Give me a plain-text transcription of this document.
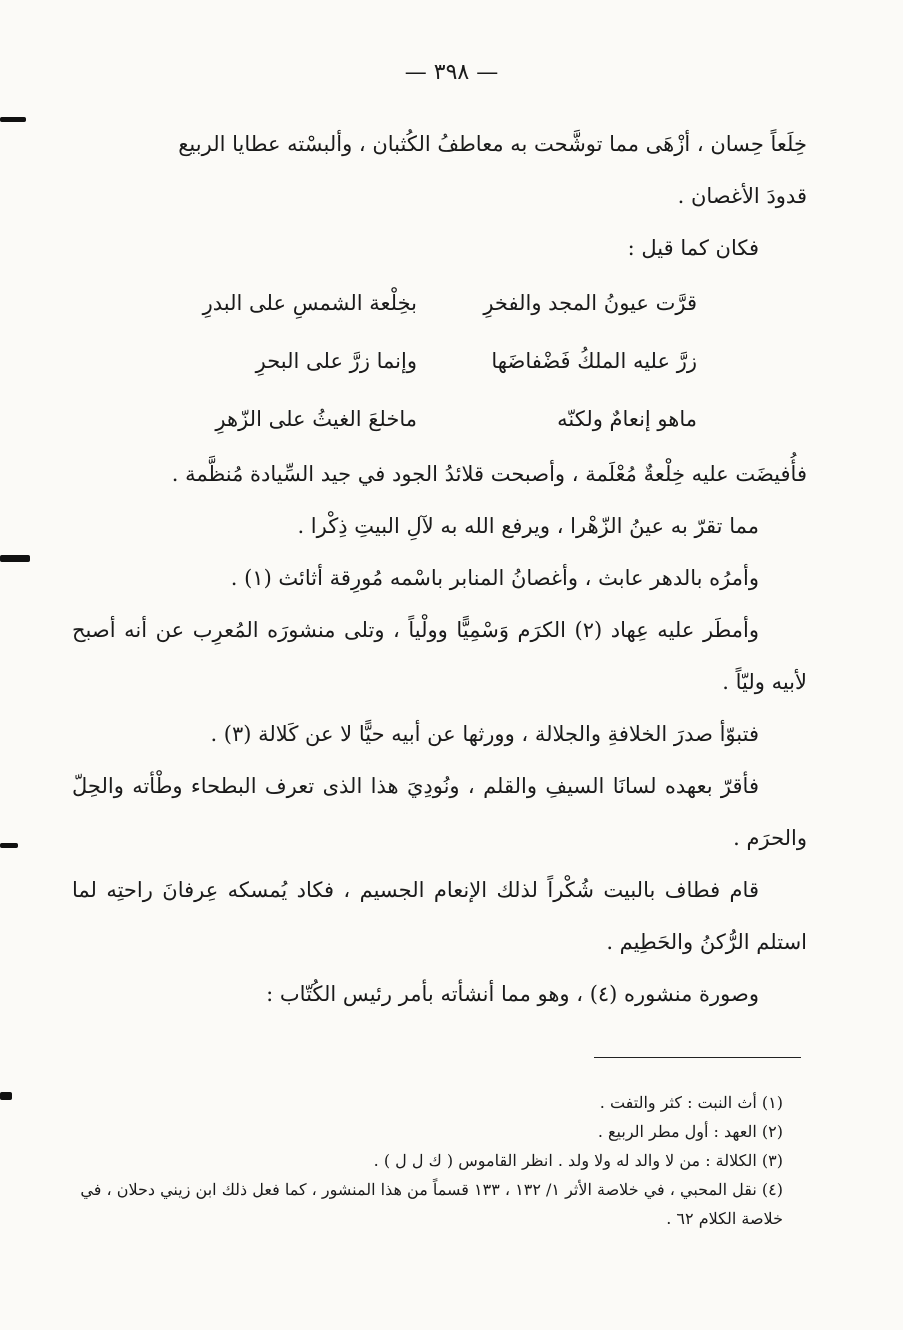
— ٣٩٨ —

خِلَعاً حِسان ، أزْهَى مما توشَّحت به معاطفُ الكُثبان ، وألبسْته عطايا الربيع
قدودَ الأغصان .

فكان كما قيل :

قرَّت عيونُ المجد والفخرِ
بخِلْعة الشمسِ على البدرِ
زرَّ عليه الملكُ فَضْفاضَها
وإنما زرَّ على البحرِ
ماهو إنعامٌ ولكنّه
ماخلعَ الغيثُ على الزّهرِ

فأُفيضَت عليه خِلْعةٌ مُعْلَمة ، وأصبحت قلائدُ الجود في جيد السِّيادة مُنظَّمة .

مما تقرّ به عينُ الزّهْرا ، ويرفع الله به لآلِ البيتِ ذِكْرا .

وأمرُه بالدهر عابث ، وأغصانُ المنابر باسْمه مُورِقة أثائث (١) .

وأمطَر عليه عِهاد (٢) الكرَم وَسْمِيًّا وولْياً ، وتلى منشورَه المُعرِب عن أنه أصبح لأبيه وليّاً .

فتبوّأ صدرَ الخلافةِ والجلالة ، وورثها عن أبيه حيًّا لا عن كَلالة (٣) .

فأقرّ بعهده لسانَا السيفِ والقلم ، ونُودِيَ هذا الذى تعرف البطحاء وطْأته والحِلّ والحرَم .

قام فطاف بالبيت شُكْراً لذلك الإنعام الجسيم ، فكاد يُمسكه عِرفانَ راحتِه لما استلم الرُّكنُ والحَطِيم .

وصورة منشوره (٤) ، وهو مما أنشأته بأمر رئيس الكُتّاب :

(١) أث النبت : كثر والتفت .

(٢) العهد : أول مطر الربيع .

(٣) الكلالة : من لا والد له ولا ولد . انظر القاموس ( ك ل ل ) .

(٤) نقل المحبي ، في خلاصة الأثر ١/ ١٣٢ ، ١٣٣ قسماً من هذا المنشور ، كما فعل ذلك ابن زيني دحلان ، في خلاصة الكلام ٦٢ .
